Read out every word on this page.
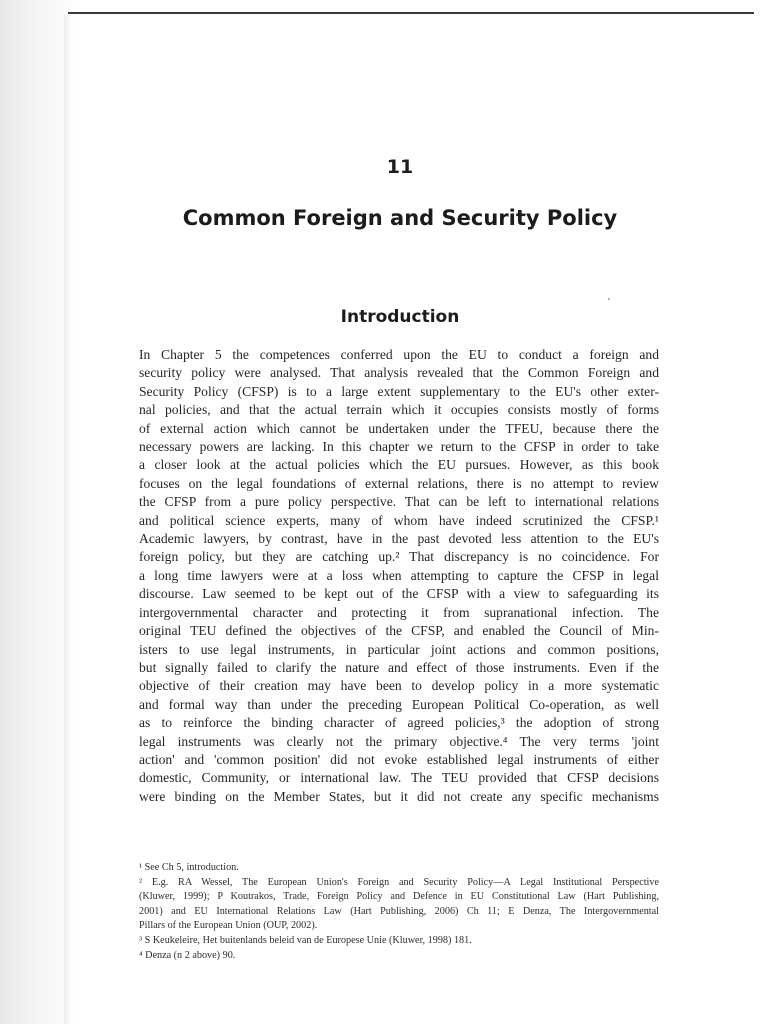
11
Common Foreign and Security Policy
Introduction
In Chapter 5 the competences conferred upon the EU to conduct a foreign and
security policy were analysed. That analysis revealed that the Common Foreign and
Security Policy (CFSP) is to a large extent supplementary to the EU's other exter-
nal policies, and that the actual terrain which it occupies consists mostly of forms
of external action which cannot be undertaken under the TFEU, because there the
necessary powers are lacking. In this chapter we return to the CFSP in order to take
a closer look at the actual policies which the EU pursues. However, as this book
focuses on the legal foundations of external relations, there is no attempt to review
the CFSP from a pure policy perspective. That can be left to international relations
and political science experts, many of whom have indeed scrutinized the CFSP.¹
Academic lawyers, by contrast, have in the past devoted less attention to the EU's
foreign policy, but they are catching up.² That discrepancy is no coincidence. For
a long time lawyers were at a loss when attempting to capture the CFSP in legal
discourse. Law seemed to be kept out of the CFSP with a view to safeguarding its
intergovernmental character and protecting it from supranational infection. The
original TEU defined the objectives of the CFSP, and enabled the Council of Min-
isters to use legal instruments, in particular joint actions and common positions,
but signally failed to clarify the nature and effect of those instruments. Even if the
objective of their creation may have been to develop policy in a more systematic
and formal way than under the preceding European Political Co-operation, as well
as to reinforce the binding character of agreed policies,³ the adoption of strong
legal instruments was clearly not the primary objective.⁴ The very terms 'joint
action' and 'common position' did not evoke established legal instruments of either
domestic, Community, or international law. The TEU provided that CFSP decisions
were binding on the Member States, but it did not create any specific mechanisms
¹ See Ch 5, introduction.
² E.g. RA Wessel, The European Union's Foreign and Security Policy—A Legal Institutional Perspective
(Kluwer, 1999); P Koutrakos, Trade, Foreign Policy and Defence in EU Constitutional Law (Hart Publishing,
2001) and EU International Relations Law (Hart Publishing, 2006) Ch 11; E Denza, The Intergovernmental
Pillars of the European Union (OUP, 2002).
³ S Keukeleire, Het buitenlands beleid van de Europese Unie (Kluwer, 1998) 181.
⁴ Denza (n 2 above) 90.
